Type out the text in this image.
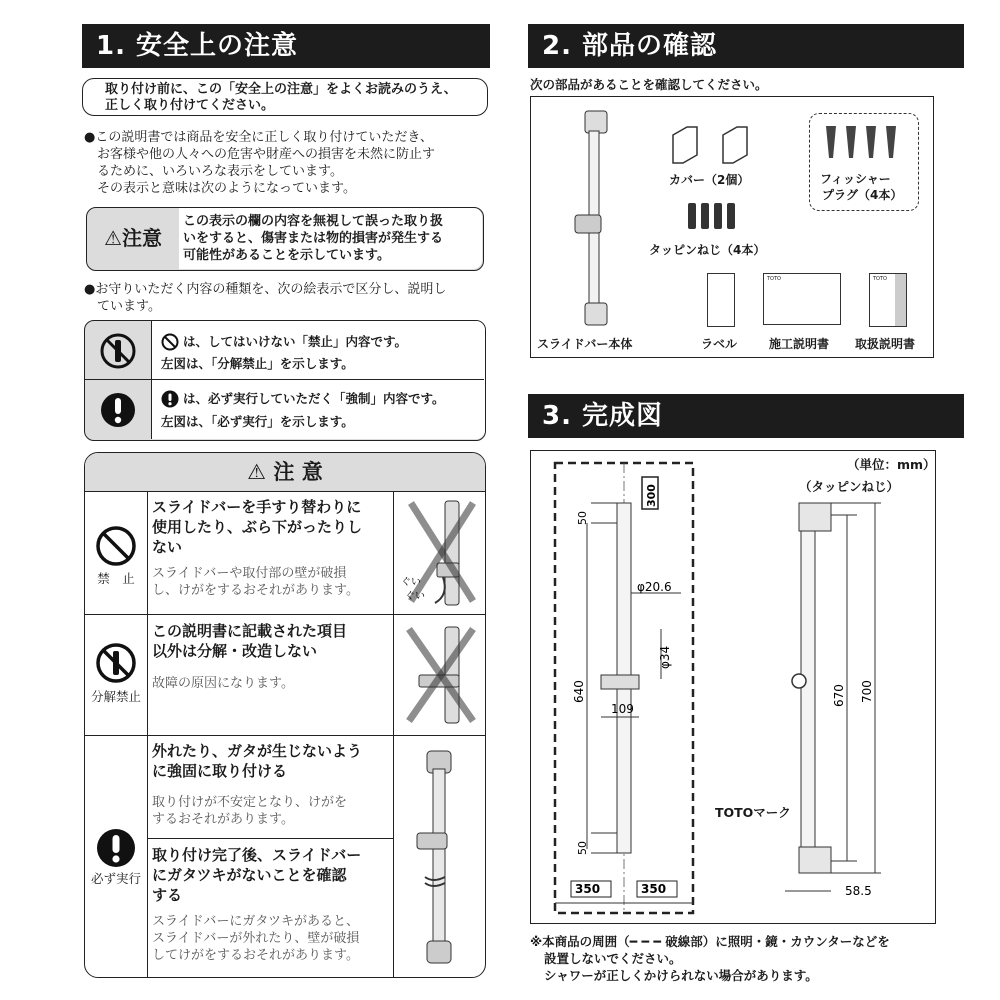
1. 安全上の注意
取り付け前に、この「安全上の注意」をよくお読みのうえ、
正しく取り付けてください。
●この説明書では商品を安全に正しく取り付けていただき、
お客様や他の人々への危害や財産への損害を未然に防止す
るために、いろいろな表示をしています。
その表示と意味は次のようになっています。
⚠注意
この表示の欄の内容を無視して誤った取り扱
いをすると、傷害または物的損害が発生する
可能性があることを示しています。
●お守りいただく内容の種類を、次の絵表示で区分し、説明し
ています。
は、してはいけない「禁止」内容です。
左図は、「分解禁止」を示します。
は、必ず実行していただく「強制」内容です。
左図は、「必ず実行」を示します。
⚠ 注 意
禁　止
スライドバーを手すり替わりに
使用したり、ぶら下がったりし
ない
スライドバーや取付部の壁が破損
し、けがをするおそれがあります。
ぐい
ぐい
分解禁止
この説明書に記載された項目
以外は分解・改造しない
故障の原因になります。
必ず実行
外れたり、ガタが生じないよう
に強固に取り付ける
取り付けが不安定となり、けがを
するおそれがあります。
取り付け完了後、スライドバー
にガタツキがないことを確認
する
スライドバーにガタツキがあると、
スライドバーが外れたり、壁が破損
してけがをするおそれがあります。
2. 部品の確認
次の部品があることを確認してください。
スライドバー本体
カバー（2個）	フィッシャー
プラグ（4本）
タッピンねじ（4本）
ラベル
TOTO
施工説明書
TOTO
取扱説明書
3. 完成図
（単位：mm）
（タッピンねじ）
TOTOマーク
300
50
φ20.6
φ34
640
109
50
350	350
670 700
58.5
※本商品の周囲（━ ━ ━ 破線部）に照明・鏡・カウンターなどを
設置しないでください。
シャワーが正しくかけられない場合があります。
